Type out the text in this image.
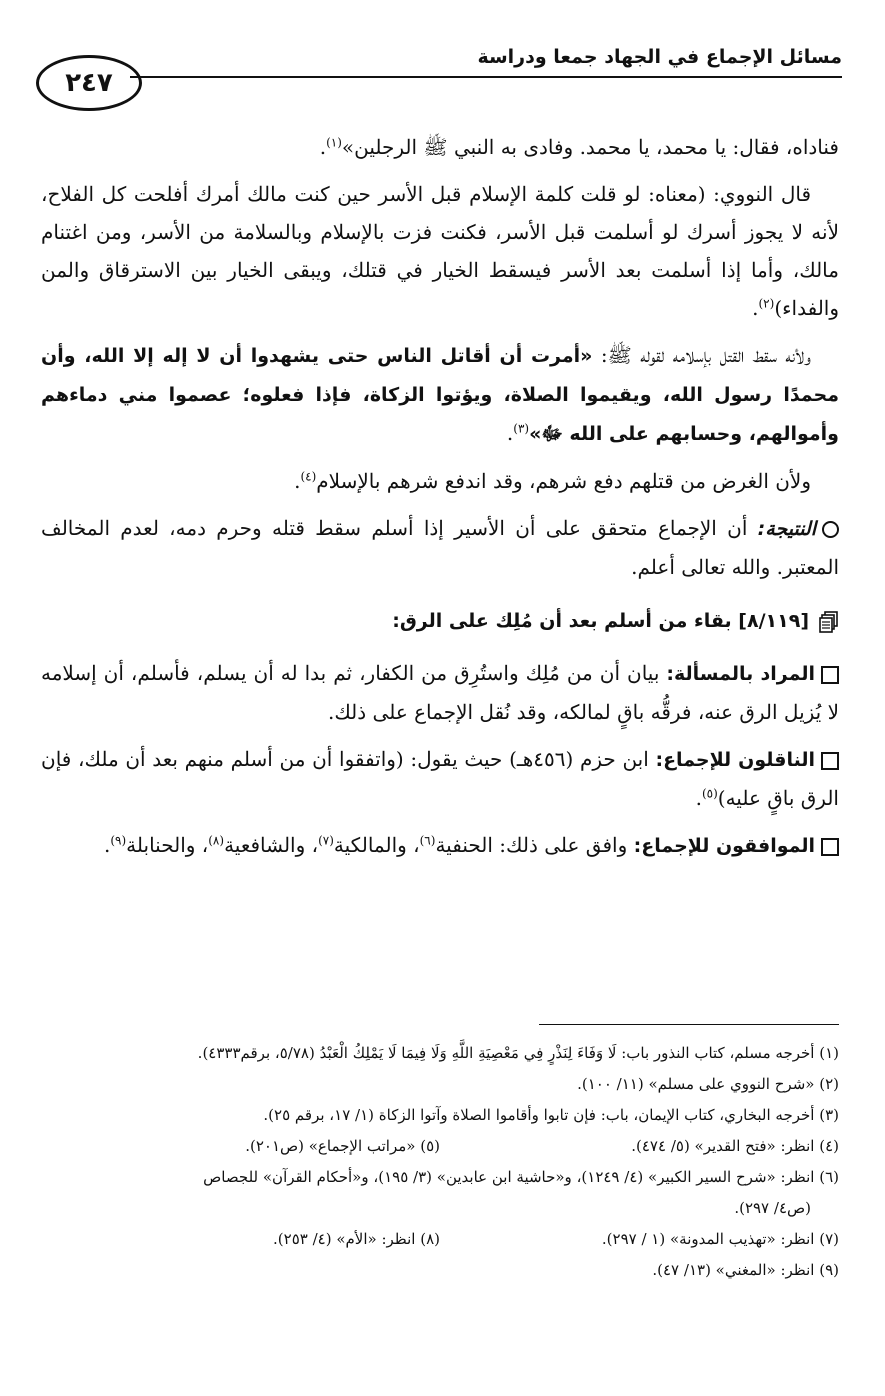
مسائل الإجماع في الجهاد جمعا ودراسة
٢٤٧

فناداه، فقال: يا محمد، يا محمد. وفادى به النبي ﷺ الرجلين»$^{(١)}$.

قال النووي: (معناه: لو قلت كلمة الإسلام قبل الأسر حين كنت مالك أمرك أفلحت كل الفلاح، لأنه لا يجوز أسرك لو أسلمت قبل الأسر، فكنت فزت بالإسلام وبالسلامة من الأسر، ومن اغتنام مالك، وأما إذا أسلمت بعد الأسر فيسقط الخيار في قتلك، ويبقى الخيار بين الاسترقاق والمن والفداء)$^{(٢)}$.

ولأنه سقط القتل بإسلامه لقوله ﷺ: «أمرت أن أقاتل الناس حتى يشهدوا أن لا إله إلا الله، وأن محمدًا رسول الله، ويقيموا الصلاة، ويؤتوا الزكاة، فإذا فعلوه؛ عصموا مني دماءهم وأموالهم، وحسابهم على الله ﷻ»$^{(٣)}$.

ولأن الغرض من قتلهم دفع شرهم، وقد اندفع شرهم بالإسلام$^{(٤)}$.

النتيجة: أن الإجماع متحقق على أن الأسير إذا أسلم سقط قتله وحرم دمه، لعدم المخالف المعتبر. والله تعالى أعلم.

[٨/١١٩] بقاء من أسلم بعد أن مُلِك على الرق:

المراد بالمسألة: بيان أن من مُلِك واستُرِق من الكفار، ثم بدا له أن يسلم، فأسلم، أن إسلامه لا يُزيل الرق عنه، فرقُّه باقٍ لمالكه، وقد نُقل الإجماع على ذلك.

الناقلون للإجماع: ابن حزم (٤٥٦هـ) حيث يقول: (واتفقوا أن من أسلم منهم بعد أن ملك، فإن الرق باقٍ عليه)$^{(٥)}$.

الموافقون للإجماع: وافق على ذلك: الحنفية$^{(٦)}$، والمالكية$^{(٧)}$، والشافعية$^{(٨)}$، والحنابلة$^{(٩)}$.

(١) أخرجه مسلم، كتاب النذور باب: لَا وَفَاءَ لِنَذْرٍ فِي مَعْصِيَةِ اللَّهِ وَلَا فِيمَا لَا يَمْلِكُ الْعَبْدُ (٥/٧٨، برقم٤٣٣٣).

(٢) «شرح النووي على مسلم» (١١/ ١٠٠).

(٣) أخرجه البخاري، كتاب الإيمان، باب: فإن تابوا وأقاموا الصلاة وآتوا الزكاة (١/ ١٧، برقم ٢٥).

(٤) انظر: «فتح القدير» (٥/ ٤٧٤).

(٥) «مراتب الإجماع» (ص٢٠١).

(٦) انظر: «شرح السير الكبير» (٤/ ١٢٤٩)، و«حاشية ابن عابدين» (٣/ ١٩٥)، و«أحكام القرآن» للجصاص

(ص٤/ ٢٩٧).

(٧) انظر: «تهذيب المدونة» (١ / ٢٩٧).

(٨) انظر: «الأم» (٤/ ٢٥٣).

(٩) انظر: «المغني» (١٣/ ٤٧).
